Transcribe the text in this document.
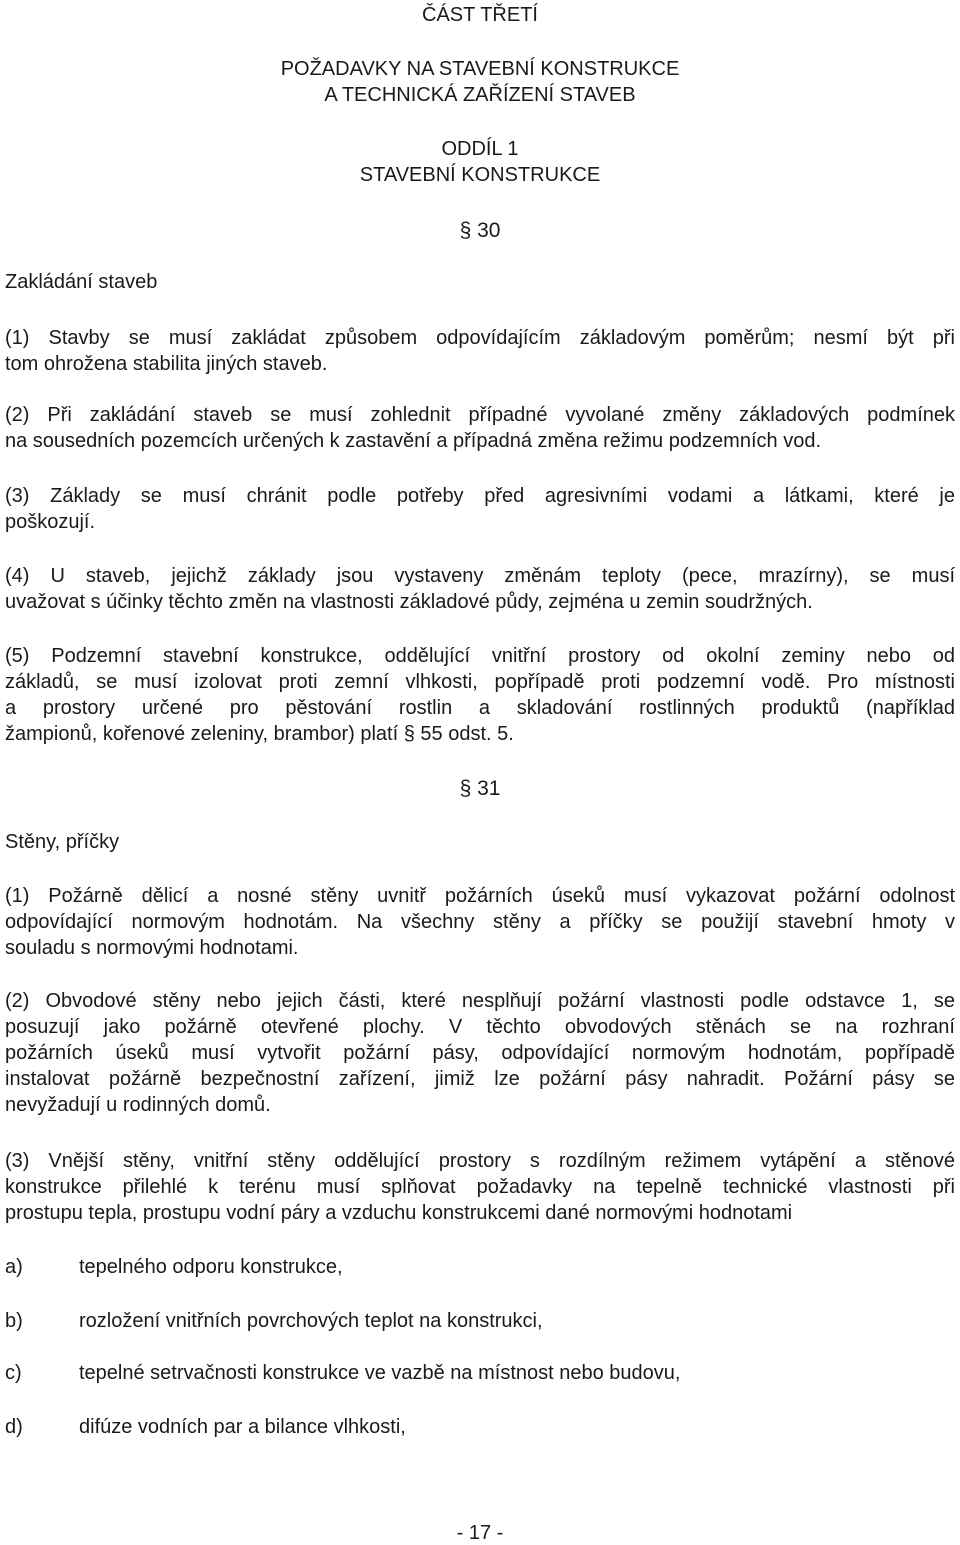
ČÁST TŘETÍ

POŽADAVKY NA STAVEBNÍ KONSTRUKCE

A TECHNICKÁ ZAŘÍZENÍ STAVEB

ODDÍL 1

STAVEBNÍ KONSTRUKCE

§ 30

Zakládání staveb

(1) Stavby se musí zakládat způsobem odpovídajícím základovým poměrům; nesmí být při
tom ohrožena stabilita jiných staveb.
(2) Při zakládání staveb se musí zohlednit případné vyvolané změny základových podmínek
na sousedních pozemcích určených k zastavění a případná změna režimu podzemních vod.
(3) Základy se musí chránit podle potřeby před agresivními vodami a látkami, které je
poškozují.
(4) U staveb, jejichž základy jsou vystaveny změnám teploty (pece, mrazírny), se musí
uvažovat s účinky těchto změn na vlastnosti základové půdy, zejména u zemin soudržných.
(5) Podzemní stavební konstrukce, oddělující vnitřní prostory od okolní zeminy nebo od
základů, se musí izolovat proti zemní vlhkosti, popřípadě proti podzemní vodě. Pro místnosti
a prostory určené pro pěstování rostlin a skladování rostlinných produktů (například
žampionů, kořenové zeleniny, brambor) platí § 55 odst. 5.

§ 31

Stěny, příčky

(1) Požárně dělicí a nosné stěny uvnitř požárních úseků musí vykazovat požární odolnost
odpovídající normovým hodnotám. Na všechny stěny a příčky se použijí stavební hmoty v
souladu s normovými hodnotami.
(2) Obvodové stěny nebo jejich části, které nesplňují požární vlastnosti podle odstavce 1, se
posuzují jako požárně otevřené plochy. V těchto obvodových stěnách se na rozhraní
požárních úseků musí vytvořit požární pásy, odpovídající normovým hodnotám, popřípadě
instalovat požárně bezpečnostní zařízení, jimiž lze požární pásy nahradit. Požární pásy se
nevyžadují u rodinných domů.
(3) Vnější stěny, vnitřní stěny oddělující prostory s rozdílným režimem vytápění a stěnové
konstrukce přilehlé k terénu musí splňovat požadavky na tepelně technické vlastnosti při
prostupu tepla, prostupu vodní páry a vzduchu konstrukcemi dané normovými hodnotami
a)	tepelného odporu konstrukce,
b)	rozložení vnitřních povrchových teplot na konstrukci,
c)	tepelné setrvačnosti konstrukce ve vazbě na místnost nebo budovu,
d)	difúze vodních par a bilance vlhkosti,

- 17 -
